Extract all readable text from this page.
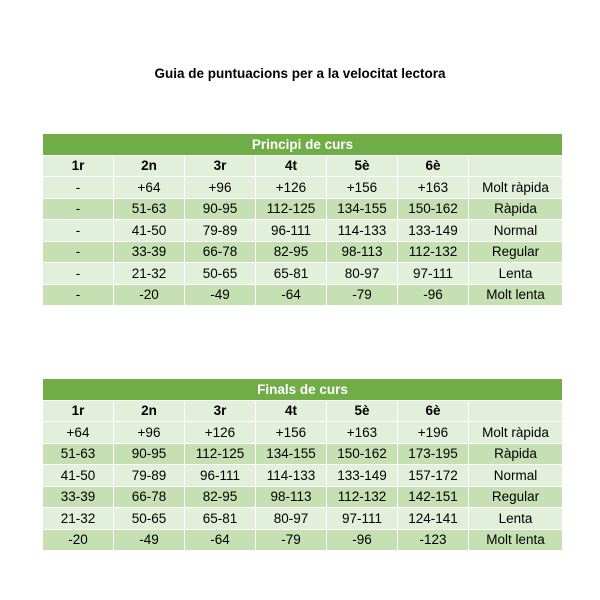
Guia de puntuacions per a la velocitat lectora
Principi de curs						
1r	2n	3r	4t	5è	6è	
-	+64	+96	+126	+156	+163	Molt ràpida
-	51-63	90-95	112-125	134-155	150-162	Ràpida
-	41-50	79-89	96-111	114-133	133-149	Normal
-	33-39	66-78	82-95	98-113	112-132	Regular
-	21-32	50-65	65-81	80-97	97-111	Lenta
-	-20	-49	-64	-79	-96	Molt lenta
Finals de curs						
1r	2n	3r	4t	5è	6è	
+64	+96	+126	+156	+163	+196	Molt ràpida
51-63	90-95	112-125	134-155	150-162	173-195	Ràpida
41-50	79-89	96-111	114-133	133-149	157-172	Normal
33-39	66-78	82-95	98-113	112-132	142-151	Regular
21-32	50-65	65-81	80-97	97-111	124-141	Lenta
-20	-49	-64	-79	-96	-123	Molt lenta
